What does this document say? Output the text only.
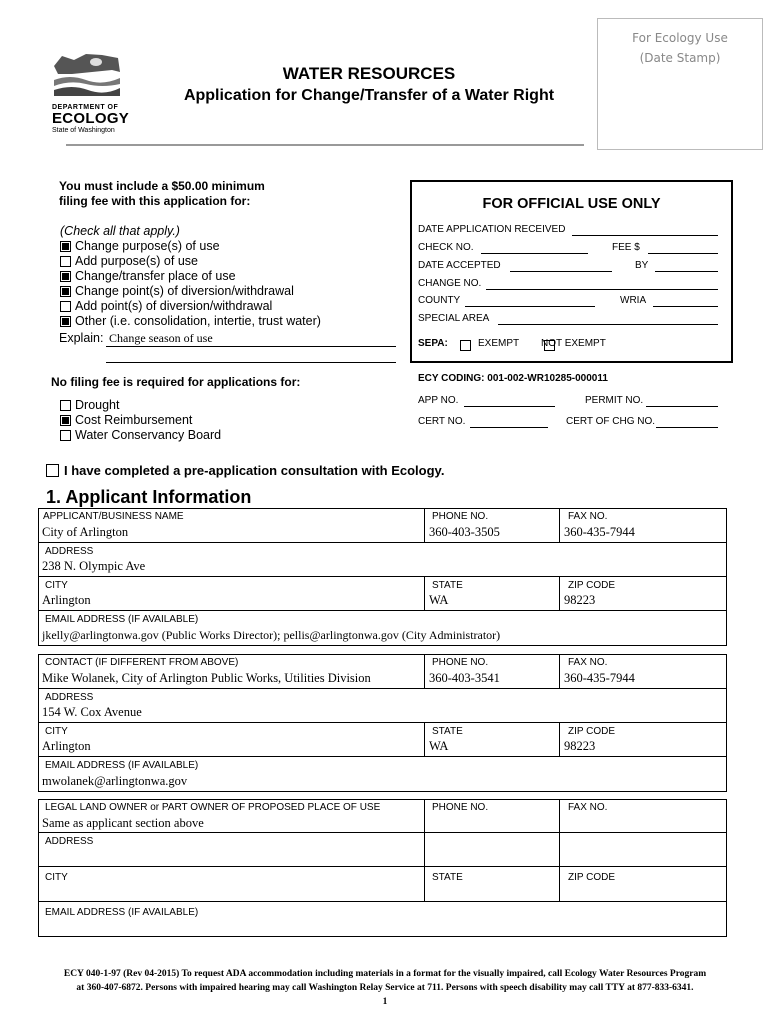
For Ecology Use
(Date Stamp)
DEPARTMENT OF
ECOLOGY
State of Washington
WATER RESOURCES
Application for Change/Transfer of a Water Right
You must include a $50.00 minimum
filing fee with this application for:
(Check all that apply.)
Change purpose(s) of use
Add purpose(s) of use
Change/transfer place of use
Change point(s) of diversion/withdrawal
Add point(s) of diversion/withdrawal
Other (i.e. consolidation, intertie, trust water)
Explain: Change season of use
No filing fee is required for applications for:
Drought
Cost Reimbursement
Water Conservancy Board
FOR OFFICIAL USE ONLY
DATE APPLICATION RECEIVED
CHECK NO.	FEE $
DATE ACCEPTED	BY
CHANGE NO.
COUNTY	WRIA
SPECIAL AREA
SEPA:
	EXEMPT NOT EXEMPT
ECY CODING: 001-002-WR10285-000011
APP NO.	PERMIT NO.
CERT NO.	CERT OF CHG NO.
I have completed a pre-application consultation with Ecology.
1. Applicant Information
APPLICANT/BUSINESS NAME
City of Arlington
PHONE NO.
360-403-3505
FAX NO.
360-435-7944
ADDRESS
238 N. Olympic Ave
CITY
Arlington
STATE
WA
ZIP CODE
98223
EMAIL ADDRESS (IF AVAILABLE)
jkelly@arlingtonwa.gov (Public Works Director); pellis@arlingtonwa.gov (City Administrator)
CONTACT (IF DIFFERENT FROM ABOVE)
Mike Wolanek, City of Arlington Public Works, Utilities Division
PHONE NO.
360-403-3541
FAX NO.
360-435-7944
ADDRESS
154 W. Cox Avenue
CITY
Arlington
STATE
WA
ZIP CODE
98223
EMAIL ADDRESS (IF AVAILABLE)
mwolanek@arlingtonwa.gov
LEGAL LAND OWNER or PART OWNER OF PROPOSED PLACE OF USE
Same as applicant section above
PHONE NO.	FAX NO.
ADDRESS
CITY	STATE	ZIP CODE
EMAIL ADDRESS (IF AVAILABLE)
ECY 040-1-97 (Rev 04-2015) To request ADA accommodation including materials in a format for the visually impaired, call Ecology Water Resources Program
at 360-407-6872. Persons with impaired hearing may call Washington Relay Service at 711. Persons with speech disability may call TTY at 877-833-6341.
1
